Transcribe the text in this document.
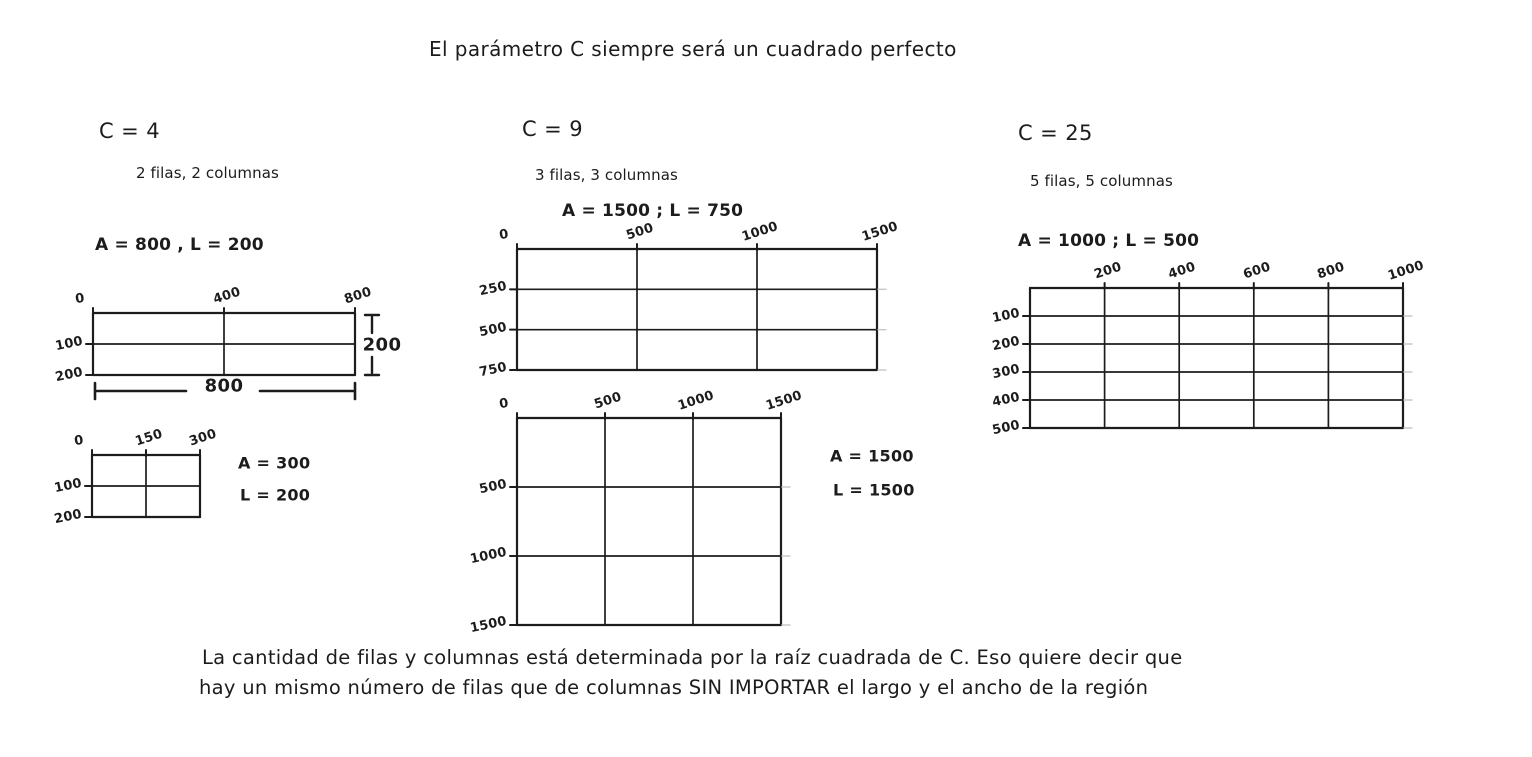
El parámetro C siempre será un cuadrado perfecto
C = 4
2 filas, 2 columnas
A = 800 , L = 200
C = 9
3 filas, 3 columnas
A = 1500 ; L = 750
C = 25
5 filas, 5 columnas
A = 1000 ; L = 500
La cantidad de filas y columnas está determinada por la raíz cuadrada de C. Eso quiere decir que
hay un mismo número de filas que de columnas SIN IMPORTAR el largo y el ancho de la región
0	400	800
100
200
200
800
0	150 300
100
200
0	500	1000	1500
250
500
750
0	500	1000	1500
500
1000
1500
200	400	600	800	1000
100
200
300
400
500
A = 300
L = 200
A = 1500
L = 1500
